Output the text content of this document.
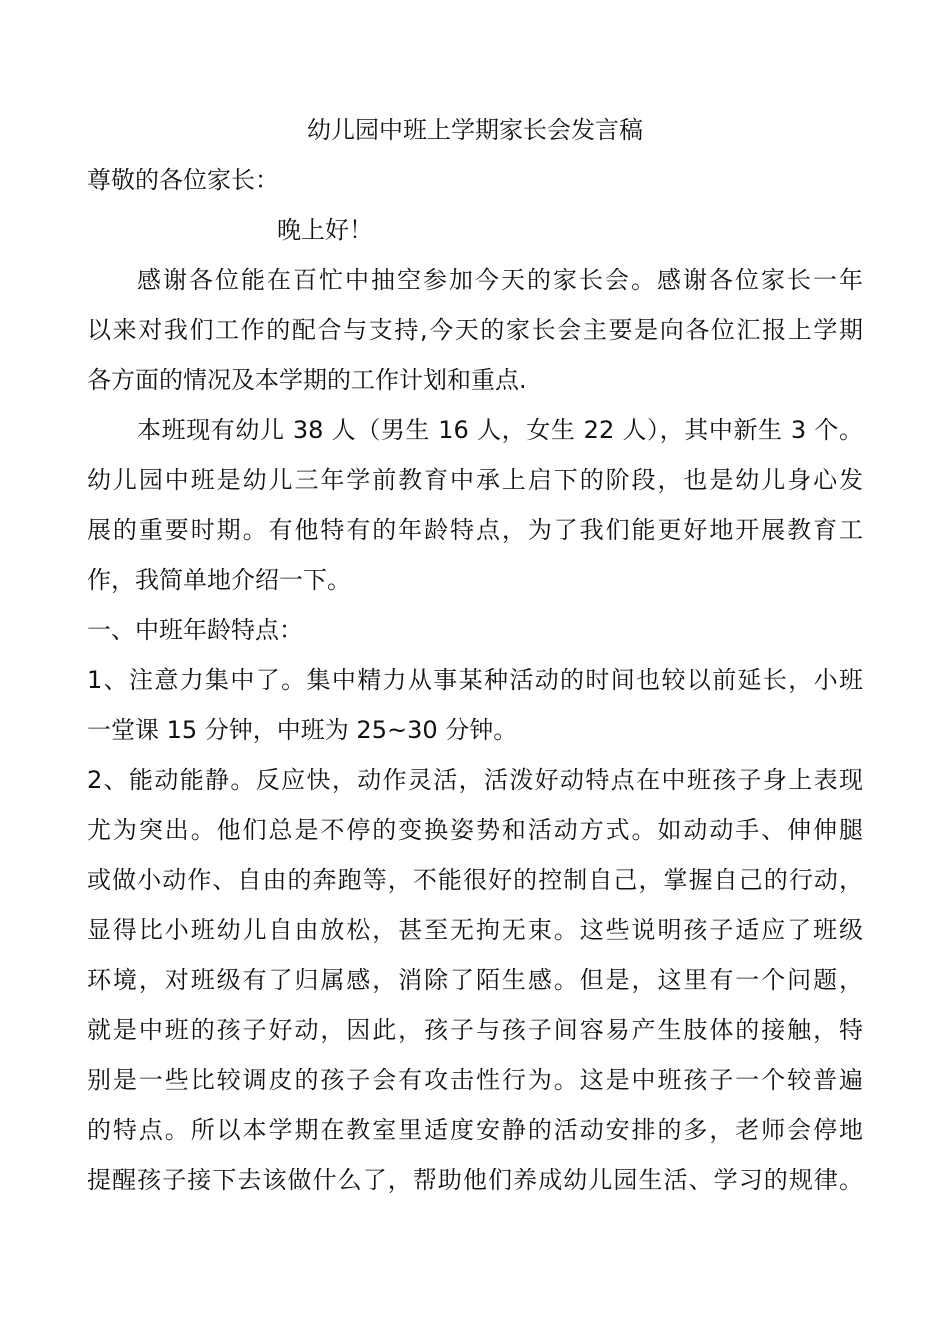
幼儿园中班上学期家长会发言稿
尊敬的各位家长：
晚上好！
感谢各位能在百忙中抽空参加今天的家长会。感谢各位家长一年
以来对我们工作的配合与支持,今天的家长会主要是向各位汇报上学期
各方面的情况及本学期的工作计划和重点.
本班现有幼儿 38 人（男生 16 人，女生 22 人），其中新生 3 个。
幼儿园中班是幼儿三年学前教育中承上启下的阶段，也是幼儿身心发
展的重要时期。有他特有的年龄特点，为了我们能更好地开展教育工
作，我简单地介绍一下。
一、中班年龄特点：
1、注意力集中了。集中精力从事某种活动的时间也较以前延长，小班
一堂课 15 分钟，中班为 25~30 分钟。
2、能动能静。反应快，动作灵活，活泼好动特点在中班孩子身上表现
尤为突出。他们总是不停的变换姿势和活动方式。如动动手、伸伸腿
或做小动作、自由的奔跑等，不能很好的控制自己，掌握自己的行动，
显得比小班幼儿自由放松，甚至无拘无束。这些说明孩子适应了班级
环境，对班级有了归属感，消除了陌生感。但是，这里有一个问题，
就是中班的孩子好动，因此，孩子与孩子间容易产生肢体的接触，特
别是一些比较调皮的孩子会有攻击性行为。这是中班孩子一个较普遍
的特点。所以本学期在教室里适度安静的活动安排的多，老师会停地
提醒孩子接下去该做什么了，帮助他们养成幼儿园生活、学习的规律。
